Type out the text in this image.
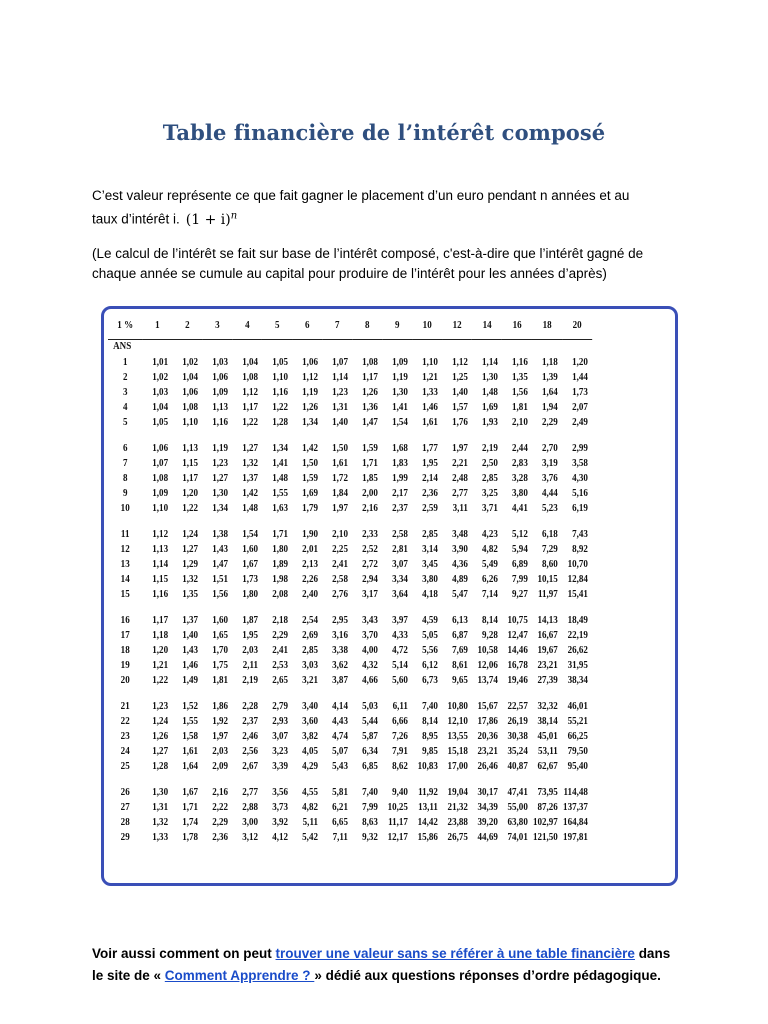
Table financière de l’intérêt composé
C’est valeur représente ce que fait gagner le placement d’un euro pendant n années et au
taux d’intérêt i. $(1 + i)^n$
(Le calcul de l’intérêt se fait sur base de l’intérêt composé, c'est-à-dire que l’intérêt gagné de
chaque année se cumule au capital pour produire de l’intérêt pour les années d’après)
1 %	1	2	3	4	5	6	7	8	9	10	12	14	16	18	20
ANS															
1	1,01	1,02	1,03	1,04	1,05	1,06	1,07	1,08	1,09	1,10	1,12	1,14	1,16	1,18	1,20
2	1,02	1,04	1,06	1,08	1,10	1,12	1,14	1,17	1,19	1,21	1,25	1,30	1,35	1,39	1,44
3	1,03	1,06	1,09	1,12	1,16	1,19	1,23	1,26	1,30	1,33	1,40	1,48	1,56	1,64	1,73
4	1,04	1,08	1,13	1,17	1,22	1,26	1,31	1,36	1,41	1,46	1,57	1,69	1,81	1,94	2,07
5	1,05	1,10	1,16	1,22	1,28	1,34	1,40	1,47	1,54	1,61	1,76	1,93	2,10	2,29	2,49

6	1,06	1,13	1,19	1,27	1,34	1,42	1,50	1,59	1,68	1,77	1,97	2,19	2,44	2,70	2,99
7	1,07	1,15	1,23	1,32	1,41	1,50	1,61	1,71	1,83	1,95	2,21	2,50	2,83	3,19	3,58
8	1,08	1,17	1,27	1,37	1,48	1,59	1,72	1,85	1,99	2,14	2,48	2,85	3,28	3,76	4,30
9	1,09	1,20	1,30	1,42	1,55	1,69	1,84	2,00	2,17	2,36	2,77	3,25	3,80	4,44	5,16
10	1,10	1,22	1,34	1,48	1,63	1,79	1,97	2,16	2,37	2,59	3,11	3,71	4,41	5,23	6,19

11	1,12	1,24	1,38	1,54	1,71	1,90	2,10	2,33	2,58	2,85	3,48	4,23	5,12	6,18	7,43
12	1,13	1,27	1,43	1,60	1,80	2,01	2,25	2,52	2,81	3,14	3,90	4,82	5,94	7,29	8,92
13	1,14	1,29	1,47	1,67	1,89	2,13	2,41	2,72	3,07	3,45	4,36	5,49	6,89	8,60	10,70
14	1,15	1,32	1,51	1,73	1,98	2,26	2,58	2,94	3,34	3,80	4,89	6,26	7,99	10,15	12,84
15	1,16	1,35	1,56	1,80	2,08	2,40	2,76	3,17	3,64	4,18	5,47	7,14	9,27	11,97	15,41

16	1,17	1,37	1,60	1,87	2,18	2,54	2,95	3,43	3,97	4,59	6,13	8,14	10,75	14,13	18,49
17	1,18	1,40	1,65	1,95	2,29	2,69	3,16	3,70	4,33	5,05	6,87	9,28	12,47	16,67	22,19
18	1,20	1,43	1,70	2,03	2,41	2,85	3,38	4,00	4,72	5,56	7,69	10,58	14,46	19,67	26,62
19	1,21	1,46	1,75	2,11	2,53	3,03	3,62	4,32	5,14	6,12	8,61	12,06	16,78	23,21	31,95
20	1,22	1,49	1,81	2,19	2,65	3,21	3,87	4,66	5,60	6,73	9,65	13,74	19,46	27,39	38,34

21	1,23	1,52	1,86	2,28	2,79	3,40	4,14	5,03	6,11	7,40	10,80	15,67	22,57	32,32	46,01
22	1,24	1,55	1,92	2,37	2,93	3,60	4,43	5,44	6,66	8,14	12,10	17,86	26,19	38,14	55,21
23	1,26	1,58	1,97	2,46	3,07	3,82	4,74	5,87	7,26	8,95	13,55	20,36	30,38	45,01	66,25
24	1,27	1,61	2,03	2,56	3,23	4,05	5,07	6,34	7,91	9,85	15,18	23,21	35,24	53,11	79,50
25	1,28	1,64	2,09	2,67	3,39	4,29	5,43	6,85	8,62	10,83	17,00	26,46	40,87	62,67	95,40

26	1,30	1,67	2,16	2,77	3,56	4,55	5,81	7,40	9,40	11,92	19,04	30,17	47,41	73,95	114,48
27	1,31	1,71	2,22	2,88	3,73	4,82	6,21	7,99	10,25	13,11	21,32	34,39	55,00	87,26	137,37
28	1,32	1,74	2,29	3,00	3,92	5,11	6,65	8,63	11,17	14,42	23,88	39,20	63,80	102,97	164,84
29	1,33	1,78	2,36	3,12	4,12	5,42	7,11	9,32	12,17	15,86	26,75	44,69	74,01	121,50	197,81
Voir aussi comment on peut trouver une valeur sans se référer à une table financière dans
le site de « Comment Apprendre ? » dédié aux questions réponses d’ordre pédagogique.
